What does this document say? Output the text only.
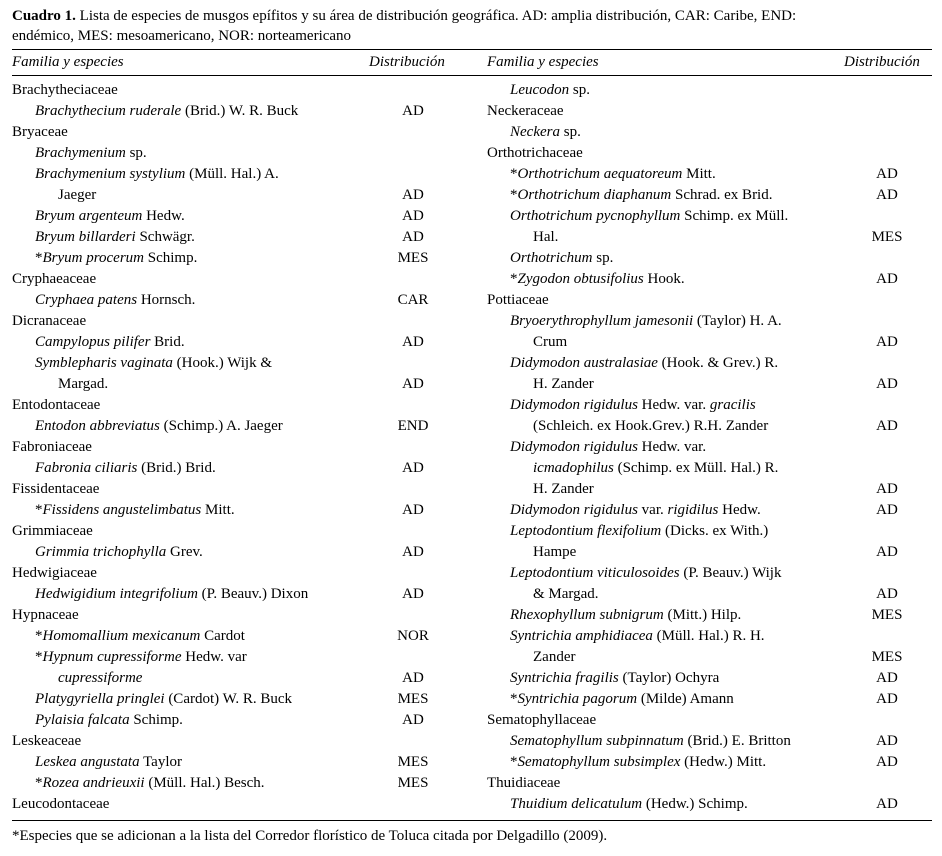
Cuadro 1. Lista de especies de musgos epífitos y su área de distribución geográfica. AD: amplia distribución, CAR: Caribe, END:
endémico, MES: mesoamericano, NOR: norteamericano
Familia y especies	Distribución	Familia y especies	Distribución
Brachytheciaceae
Brachythecium ruderale (Brid.) W. R. Buck	AD
Bryaceae
Brachymenium sp.
Brachymenium systylium (Müll. Hal.) A.
Jaeger	AD
Bryum argenteum Hedw.	AD
Bryum billarderi Schwägr.	AD
*Bryum procerum Schimp.	MES
Cryphaeaceae
Cryphaea patens Hornsch.	CAR
Dicranaceae
Campylopus pilifer Brid.	AD
Symblepharis vaginata (Hook.) Wijk &
Margad.	AD
Entodontaceae
Entodon abbreviatus (Schimp.) A. Jaeger	END
Fabroniaceae
Fabronia ciliaris (Brid.) Brid.	AD
Fissidentaceae
*Fissidens angustelimbatus Mitt.	AD
Grimmiaceae
Grimmia trichophylla Grev.	AD
Hedwigiaceae
Hedwigidium integrifolium (P. Beauv.) Dixon	AD
Hypnaceae
*Homomallium mexicanum Cardot	NOR
*Hypnum cupressiforme Hedw. var
cupressiforme	AD
Platygyriella pringlei (Cardot) W. R. Buck	MES
Pylaisia falcata Schimp.	AD
Leskeaceae
Leskea angustata Taylor	MES
*Rozea andrieuxii (Müll. Hal.) Besch.	MES
Leucodontaceae
Leucodon sp.
Neckeraceae
Neckera sp.
Orthotrichaceae
*Orthotrichum aequatoreum Mitt.	AD
*Orthotrichum diaphanum Schrad. ex Brid.	AD
Orthotrichum pycnophyllum Schimp. ex Müll.
Hal.	MES
Orthotrichum sp.
*Zygodon obtusifolius Hook.	AD
Pottiaceae
Bryoerythrophyllum jamesonii (Taylor) H. A.
Crum	AD
Didymodon australasiae (Hook. & Grev.) R.
H. Zander	AD
Didymodon rigidulus Hedw. var. gracilis
(Schleich. ex Hook.Grev.) R.H. Zander	AD
Didymodon rigidulus Hedw. var.
icmadophilus (Schimp. ex Müll. Hal.) R.
H. Zander	AD
Didymodon rigidulus var. rigidilus Hedw.	AD
Leptodontium flexifolium (Dicks. ex With.)
Hampe	AD
Leptodontium viticulosoides (P. Beauv.) Wijk
& Margad.	AD
Rhexophyllum subnigrum (Mitt.) Hilp.	MES
Syntrichia amphidiacea (Müll. Hal.) R. H.
Zander	MES
Syntrichia fragilis (Taylor) Ochyra	AD
*Syntrichia pagorum (Milde) Amann	AD
Sematophyllaceae
Sematophyllum subpinnatum (Brid.) E. Britton	AD
*Sematophyllum subsimplex (Hedw.) Mitt.	AD
Thuidiaceae
Thuidium delicatulum (Hedw.) Schimp.	AD
*Especies que se adicionan a la lista del Corredor florístico de Toluca citada por Delgadillo (2009).
